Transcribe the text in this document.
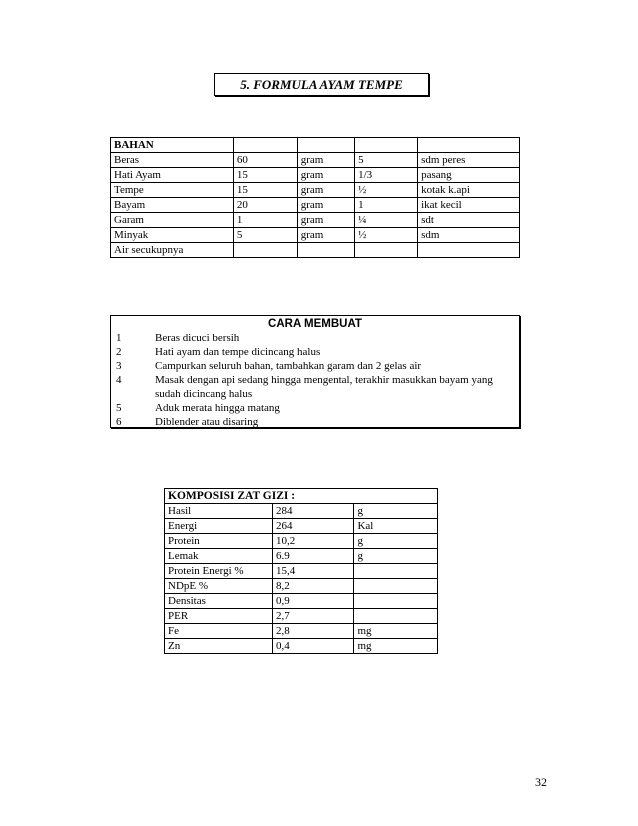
5. FORMULA AYAM TEMPE
BAHAN				
Beras	60	gram	5	sdm peres
Hati Ayam	15	gram	1/3	pasang
Tempe	15	gram	½	kotak k.api
Bayam	20	gram	1	ikat kecil
Garam	1	gram	¼	sdt
Minyak	5	gram	½	sdm
Air secukupnya				
CARA MEMBUAT
1	Beras dicuci bersih
2	Hati ayam dan tempe dicincang halus
3	Campurkan seluruh bahan, tambahkan garam dan 2 gelas air
4	Masak dengan api sedang hingga mengental, terakhir masukkan bayam yang sudah dicincang halus
5	Aduk merata hingga matang
6	Diblender atau disaring
KOMPOSISI ZAT GIZI :		
Hasil	284	g
Energi	264	Kal
Protein	10,2	g
Lemak	6.9	g
Protein Energi %	15,4	
NDpE %	8,2	
Densitas	0,9	
PER	2,7	
Fe	2,8	mg
Zn	0,4	mg
32
